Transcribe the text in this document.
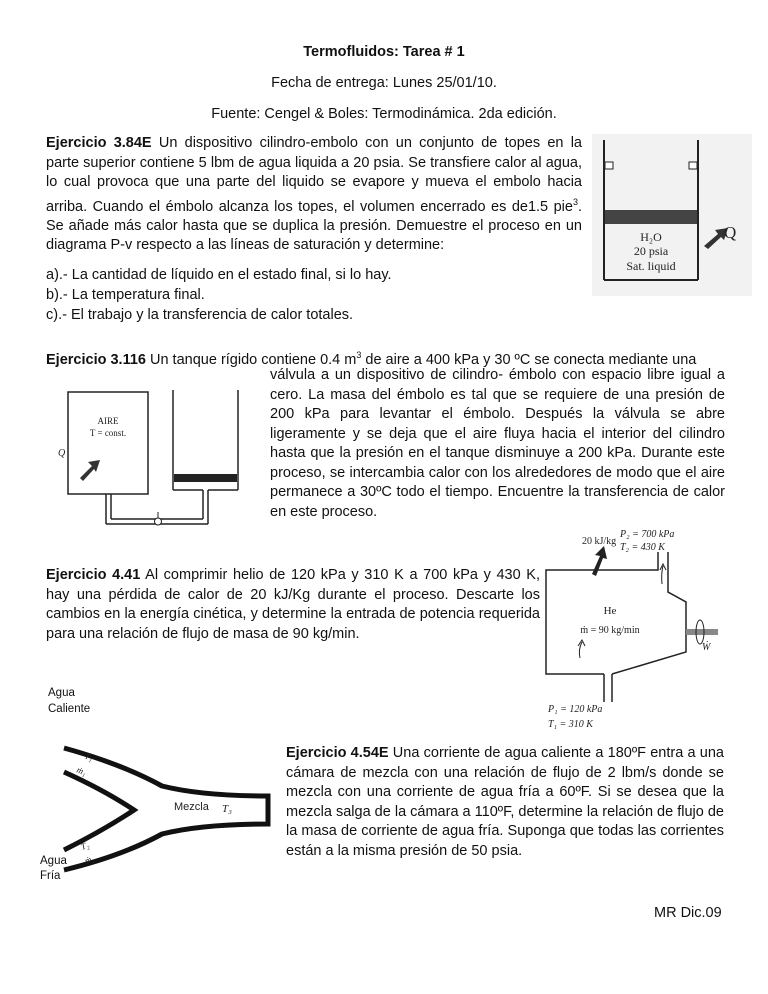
Termofluidos: Tarea # 1
Fecha de entrega: Lunes 25/01/10.
Fuente: Cengel & Boles: Termodinámica. 2da edición.
Ejercicio 3.84E Un dispositivo cilindro-embolo con un conjunto de topes en la parte superior contiene 5 lbm de agua liquida a 20 psia. Se transfiere calor al agua, lo cual provoca que una parte del liquido se evapore y mueva el embolo hacia arriba. Cuando el émbolo alcanza los topes, el volumen encerrado es de1.5 pie$^3$. Se añade más calor hasta que se duplica la presión. Demuestre el proceso en un diagrama P-v respecto a las líneas de saturación y determine:
a).- La cantidad de líquido en el estado final, si lo hay.
b).- La temperatura final.
c).- El trabajo y la transferencia de calor totales.
H₂O
20 psia
Sat. liquid
Q
Ejercicio 3.116 Un tanque rígido contiene 0.4 $m^3$ de aire a 400 kPa y 30 ºC se conecta mediante una
válvula a un dispositivo de cilindro- émbolo con espacio libre igual a cero. La masa del émbolo es tal que se requiere de una presión de 200 kPa para levantar el émbolo. Después la válvula se abre ligeramente y se deja que el aire fluya hacia el interior del cilindro hasta que la presión en el tanque disminuye a 200 kPa. Durante este proceso, se intercambia calor con los alrededores de modo que el aire permanece a 30ºC todo el tiempo. Encuentre la transferencia de calor en este proceso.
AIRE
T = const.
Q
Ejercicio 4.41 Al comprimir helio de 120 kPa y 310 K a 700 kPa y 430 K, hay una pérdida de calor de 20 kJ/Kg durante el proceso. Descarte los cambios en la energía cinética, y determine la entrada de potencia requerida para una relación de flujo de masa de 90 kg/min.
20 kJ/kg
P₂ = 700 kPa
T₂ = 430 K
He
ṁ = 90 kg/min
Ẇ
P₁ = 120 kPa
T₁ = 310 K
Agua
Caliente
Agua
Fría
Mezcla T₃
T₁
ṁ₁
T₂
ṁ₂
Ejercicio 4.54E Una corriente de agua caliente a 180ºF entra a una cámara de mezcla con una relación de flujo de 2 lbm/s donde se mezcla con una corriente de agua fría a 60ºF. Si se desea que la mezcla salga de la cámara a 110ºF, determine la relación de flujo de la masa de corriente de agua fría. Suponga que todas las corrientes están a la misma presión de 50 psia.
MR Dic.09
